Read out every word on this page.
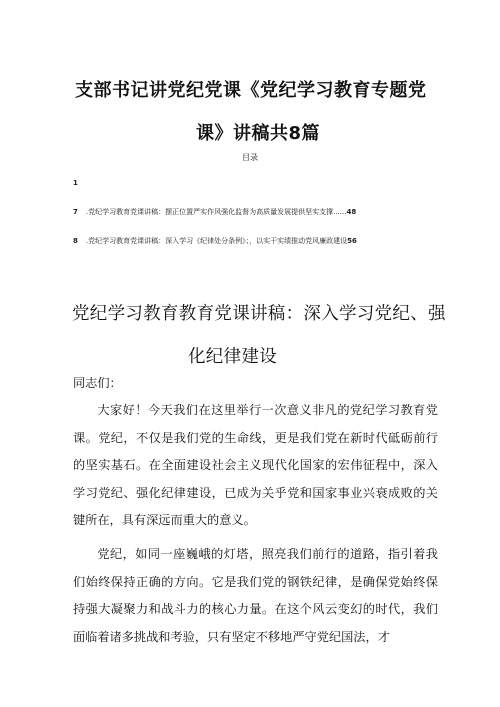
支部书记讲党纪党课《党纪学习教育专题党
课》讲稿共8篇
目录
1
7 .党纪学习教育党课讲稿：摆正位置严实作风强化监督为高质量发展提供坚实支撑......48
8 .党纪学习教育党课讲稿：深入学习《纪律处分条例》；，以实干实绩推动党风廉政建设56
党纪学习教育教育党课讲稿：深入学习党纪、强
化纪律建设
同志们：

大家好！今天我们在这里举行一次意义非凡的党纪学习教育党课。党纪，不仅是我们党的生命线，更是我们党在新时代砥砺前行的坚实基石。在全面建设社会主义现代化国家的宏伟征程中，深入学习党纪、强化纪律建设，已成为关乎党和国家事业兴衰成败的关键所在，具有深远而重大的意义。

党纪，如同一座巍峨的灯塔，照亮我们前行的道路，指引着我们始终保持正确的方向。它是我们党的钢铁纪律，是确保党始终保持强大凝聚力和战斗力的核心力量。在这个风云变幻的时代，我们面临着诸多挑战和考验，只有坚定不移地严守党纪国法，才
